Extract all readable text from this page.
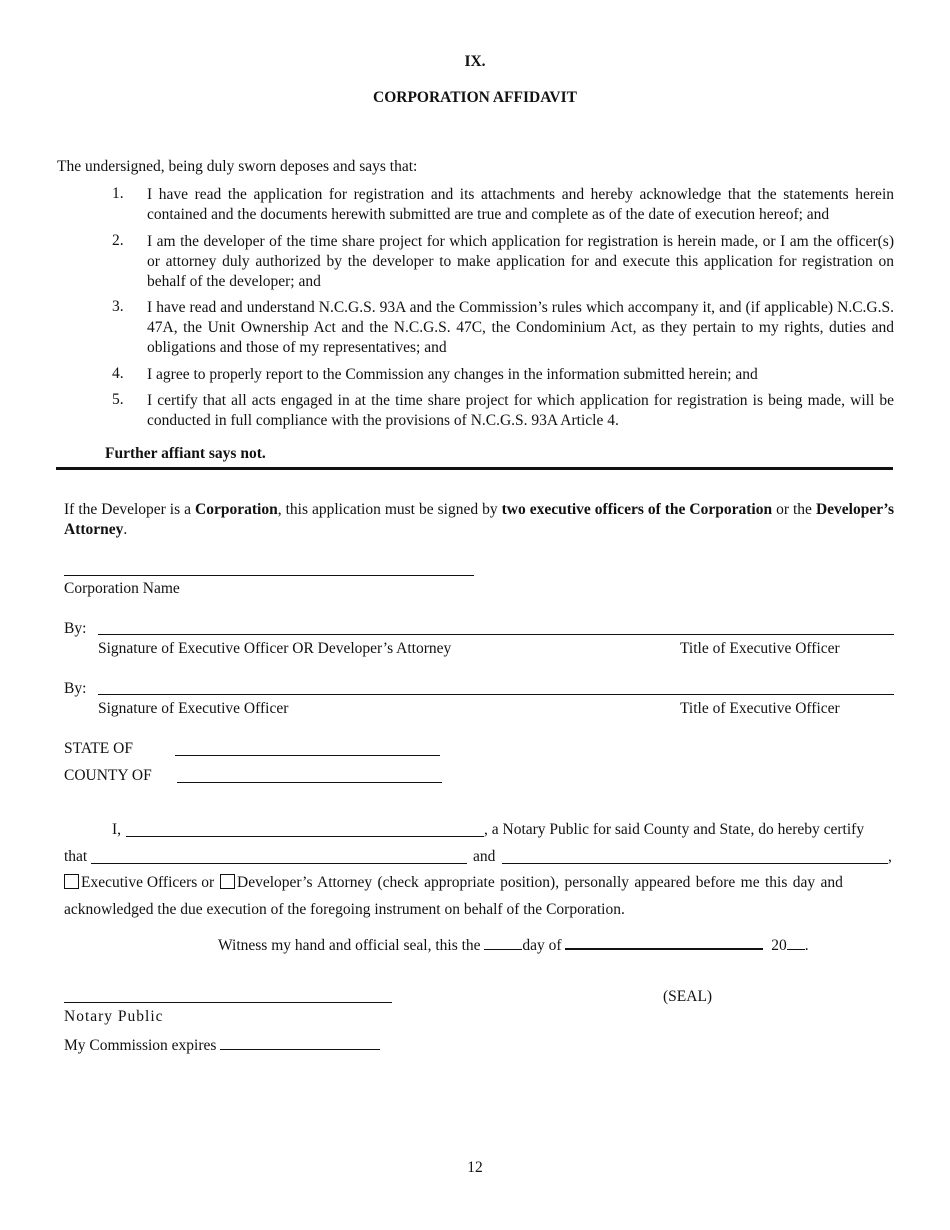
IX.
CORPORATION AFFIDAVIT
The undersigned, being duly sworn deposes and says that:
1. I have read the application for registration and its attachments and hereby acknowledge that the statements herein contained and the documents herewith submitted are true and complete as of the date of execution hereof; and
2. I am the developer of the time share project for which application for registration is herein made, or I am the officer(s) or attorney duly authorized by the developer to make application for and execute this application for registration on behalf of the developer; and
3. I have read and understand N.C.G.S. 93A and the Commission’s rules which accompany it, and (if applicable) N.C.G.S. 47A, the Unit Ownership Act and the N.C.G.S. 47C, the Condominium Act, as they pertain to my rights, duties and obligations and those of my representatives; and
4. I agree to properly report to the Commission any changes in the information submitted herein; and
5. I certify that all acts engaged in at the time share project for which application for registration is being made, will be conducted in full compliance with the provisions of N.C.G.S. 93A Article 4.
Further affiant says not.
If the Developer is a Corporation, this application must be signed by two executive officers of the Corporation or the Developer’s Attorney.
Corporation Name
By:
Signature of Executive Officer OR Developer’s Attorney	Title of Executive Officer
By:
Signature of Executive Officer	Title of Executive Officer
STATE OF
COUNTY OF
I,	, a Notary Public for said County and State, do hereby certify
that	and	,
Executive Officers or Developer’s Attorney (check appropriate position), personally appeared before me this day and
acknowledged the due execution of the foregoing instrument on behalf of the Corporation.
Witness my hand and official seal, this the	day of	20 .
(SEAL)
Notary Public
My Commission expires
12
